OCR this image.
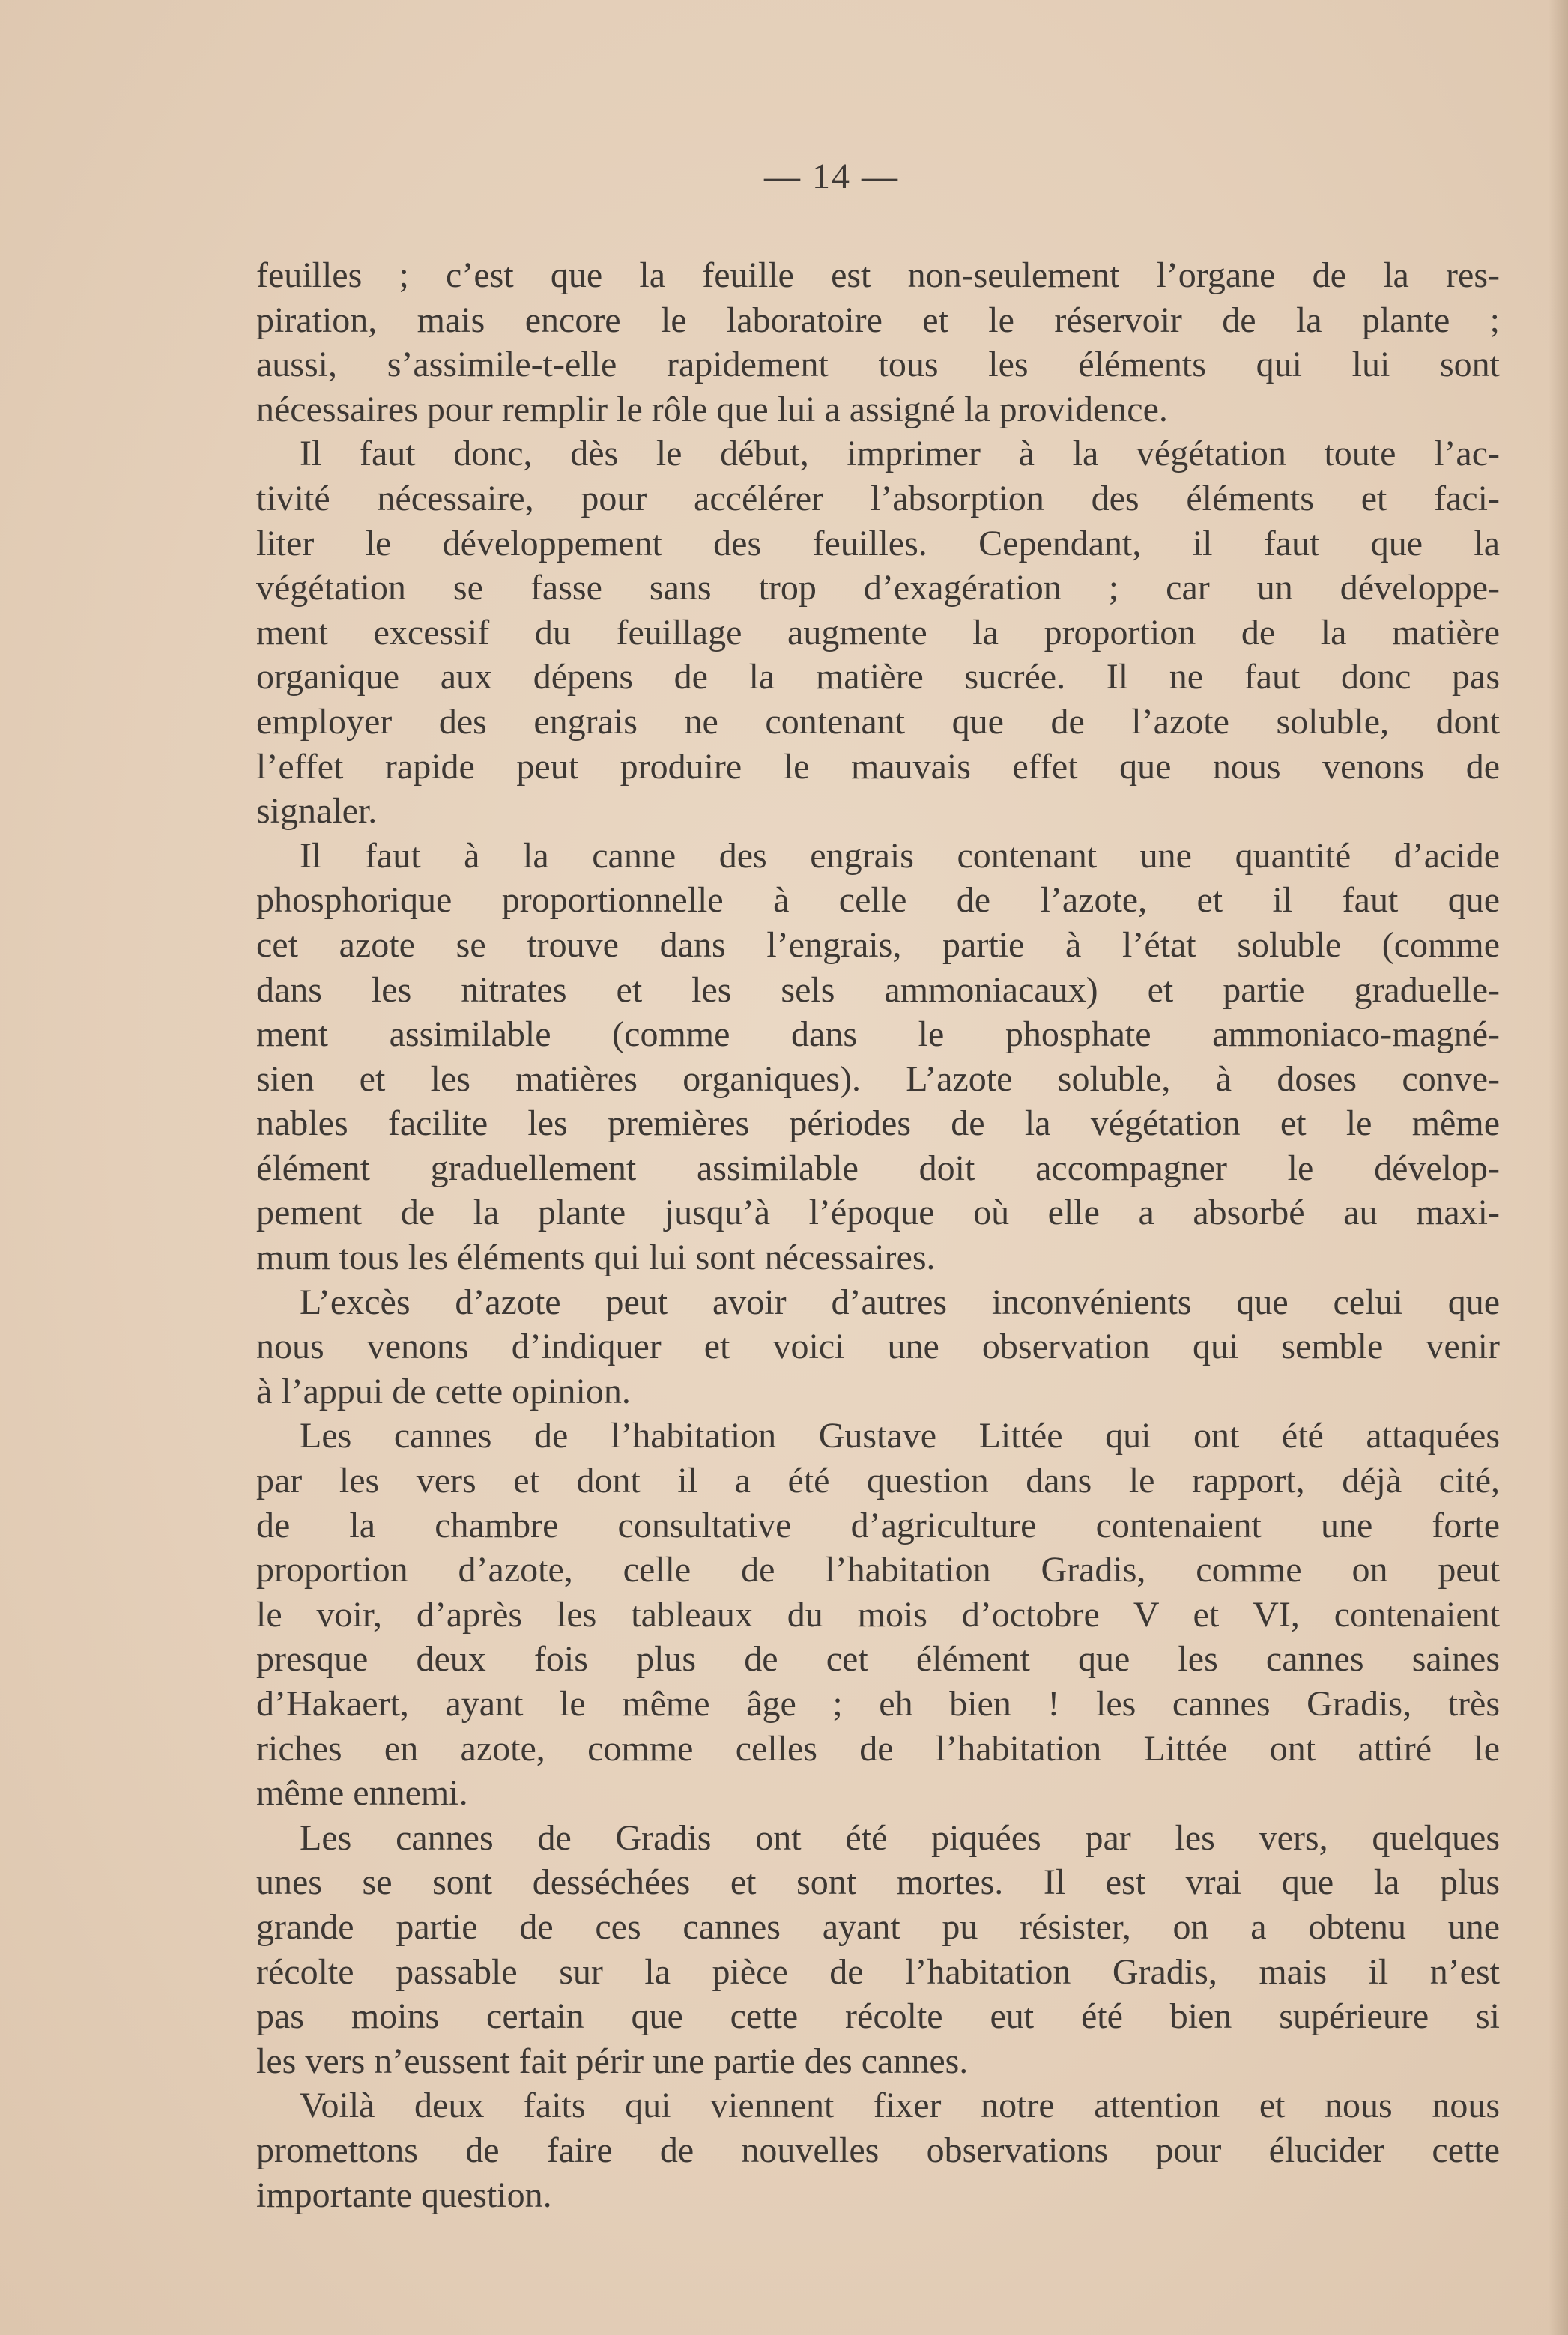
— 14 —
feuilles ; c’est que la feuille est non-seulement l’organe de la res-
piration, mais encore le laboratoire et le réservoir de la plante ;
aussi, s’assimile-t-elle rapidement tous les éléments qui lui sont
nécessaires pour remplir le rôle que lui a assigné la providence.
Il faut donc, dès le début, imprimer à la végétation toute l’ac-
tivité nécessaire, pour accélérer l’absorption des éléments et faci-
liter le développement des feuilles. Cependant, il faut que la
végétation se fasse sans trop d’exagération ; car un développe-
ment excessif du feuillage augmente la proportion de la matière
organique aux dépens de la matière sucrée. Il ne faut donc pas
employer des engrais ne contenant que de l’azote soluble, dont
l’effet rapide peut produire le mauvais effet que nous venons de
signaler.
Il faut à la canne des engrais contenant une quantité d’acide
phosphorique proportionnelle à celle de l’azote, et il faut que
cet azote se trouve dans l’engrais, partie à l’état soluble (comme
dans les nitrates et les sels ammoniacaux) et partie graduelle-
ment assimilable (comme dans le phosphate ammoniaco-magné-
sien et les matières organiques). L’azote soluble, à doses conve-
nables facilite les premières périodes de la végétation et le même
élément graduellement assimilable doit accompagner le dévelop-
pement de la plante jusqu’à l’époque où elle a absorbé au maxi-
mum tous les éléments qui lui sont nécessaires.
L’excès d’azote peut avoir d’autres inconvénients que celui que
nous venons d’indiquer et voici une observation qui semble venir
à l’appui de cette opinion.
Les cannes de l’habitation Gustave Littée qui ont été attaquées
par les vers et dont il a été question dans le rapport, déjà cité,
de la chambre consultative d’agriculture contenaient une forte
proportion d’azote, celle de l’habitation Gradis, comme on peut
le voir, d’après les tableaux du mois d’octobre V et VI, contenaient
presque deux fois plus de cet élément que les cannes saines
d’Hakaert, ayant le même âge ; eh bien ! les cannes Gradis, très
riches en azote, comme celles de l’habitation Littée ont attiré le
même ennemi.
Les cannes de Gradis ont été piquées par les vers, quelques
unes se sont desséchées et sont mortes. Il est vrai que la plus
grande partie de ces cannes ayant pu résister, on a obtenu une
récolte passable sur la pièce de l’habitation Gradis, mais il n’est
pas moins certain que cette récolte eut été bien supérieure si
les vers n’eussent fait périr une partie des cannes.
Voilà deux faits qui viennent fixer notre attention et nous nous
promettons de faire de nouvelles observations pour élucider cette
importante question.
